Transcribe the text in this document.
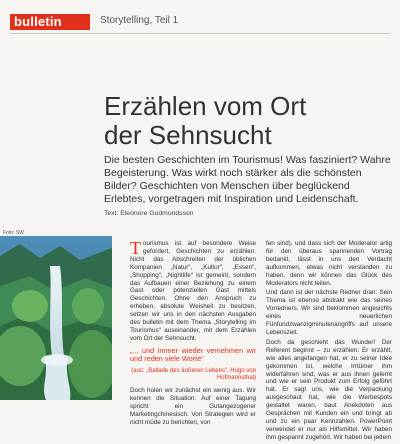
bulletin	Storytelling, Teil 1
Erzählen vom Ort
der Sehnsucht
Die besten Geschichten im Tourismus! Was fasziniert? Wahre Begeisterung. Was wirkt noch stärker als die schönsten Bilder? Geschichten von Menschen über beglückend Erlebtes, vorgetragen mit Inspiration und Leidenschaft.
Text: Eleonore Gudmundsson
Foto: SW

Tourismus ist auf besondere Weise gefordert, Geschichten zu erzählen. Nicht das Abschreiten der üblichen Kompanien „Natur“, „Kultur“, „Essen“, „Shopping“, „Nightlife“ ist gemeint, sondern das Aufbauen einer Beziehung zu einem Gast oder potenziellen Gast mittels Geschichten. Ohne den Anspruch zu erheben, absolute Weisheit zu besitzen, setzen wir uns in den nächsten Ausgaben des bulletin mit dem Thema „Storytelling im Tourismus“ auseinander, mit dem Erzählen vom Ort der Sehnsucht.

„... und immer wieder vernehmen wir und reden viele Worte“
(aus: „Ballade des äußeren Lebens“, Hugo von Hofmannsthal)

Doch holen wir zunächst ein wenig aus. Wir kennen die Situation: Auf einer Tagung spricht ein Gutangezogener Marketingchinesisch. Von Strategien wird er nicht müde zu berichten, von

fen sind), und dass sich der Moderator artig für den überaus spannenden Vortrag bedankt, lässt in uns den Verdacht aufkommen, etwas nicht verstanden zu haben, denn wir können das Glück des Moderators nicht teilen.

Und dann ist der nächste Redner dran: Sein Thema ist ebenso abstrakt wie das seines Vorredners. Wir sind beklommen angesichts eines neuerlichen Fünfundzwanzigminutenangriffs auf unsere Lebenszeit.

Doch da geschieht das Wunder! Der Referent beginnt – zu erzählen: Er erzählt, wie alles angefangen hat, er zu seiner Idee gekommen ist, welche Irrtümer ihm widerfahren sind, was er aus ihnen gelernt und wie er sein Produkt zum Erfolg geführt hat. Er sagt uns, wie die Verpackung ausgeschaut hat, wie die Werbespots gestaltet waren, baut Anekdoten aus Gesprächen mit Kunden ein und bringt ab und zu ein paar Kennzahlen. PowerPoint verwendet er nur als Hilfsmittel. Wir haben ihm gespannt zugehört. Wir haben bei jedem
